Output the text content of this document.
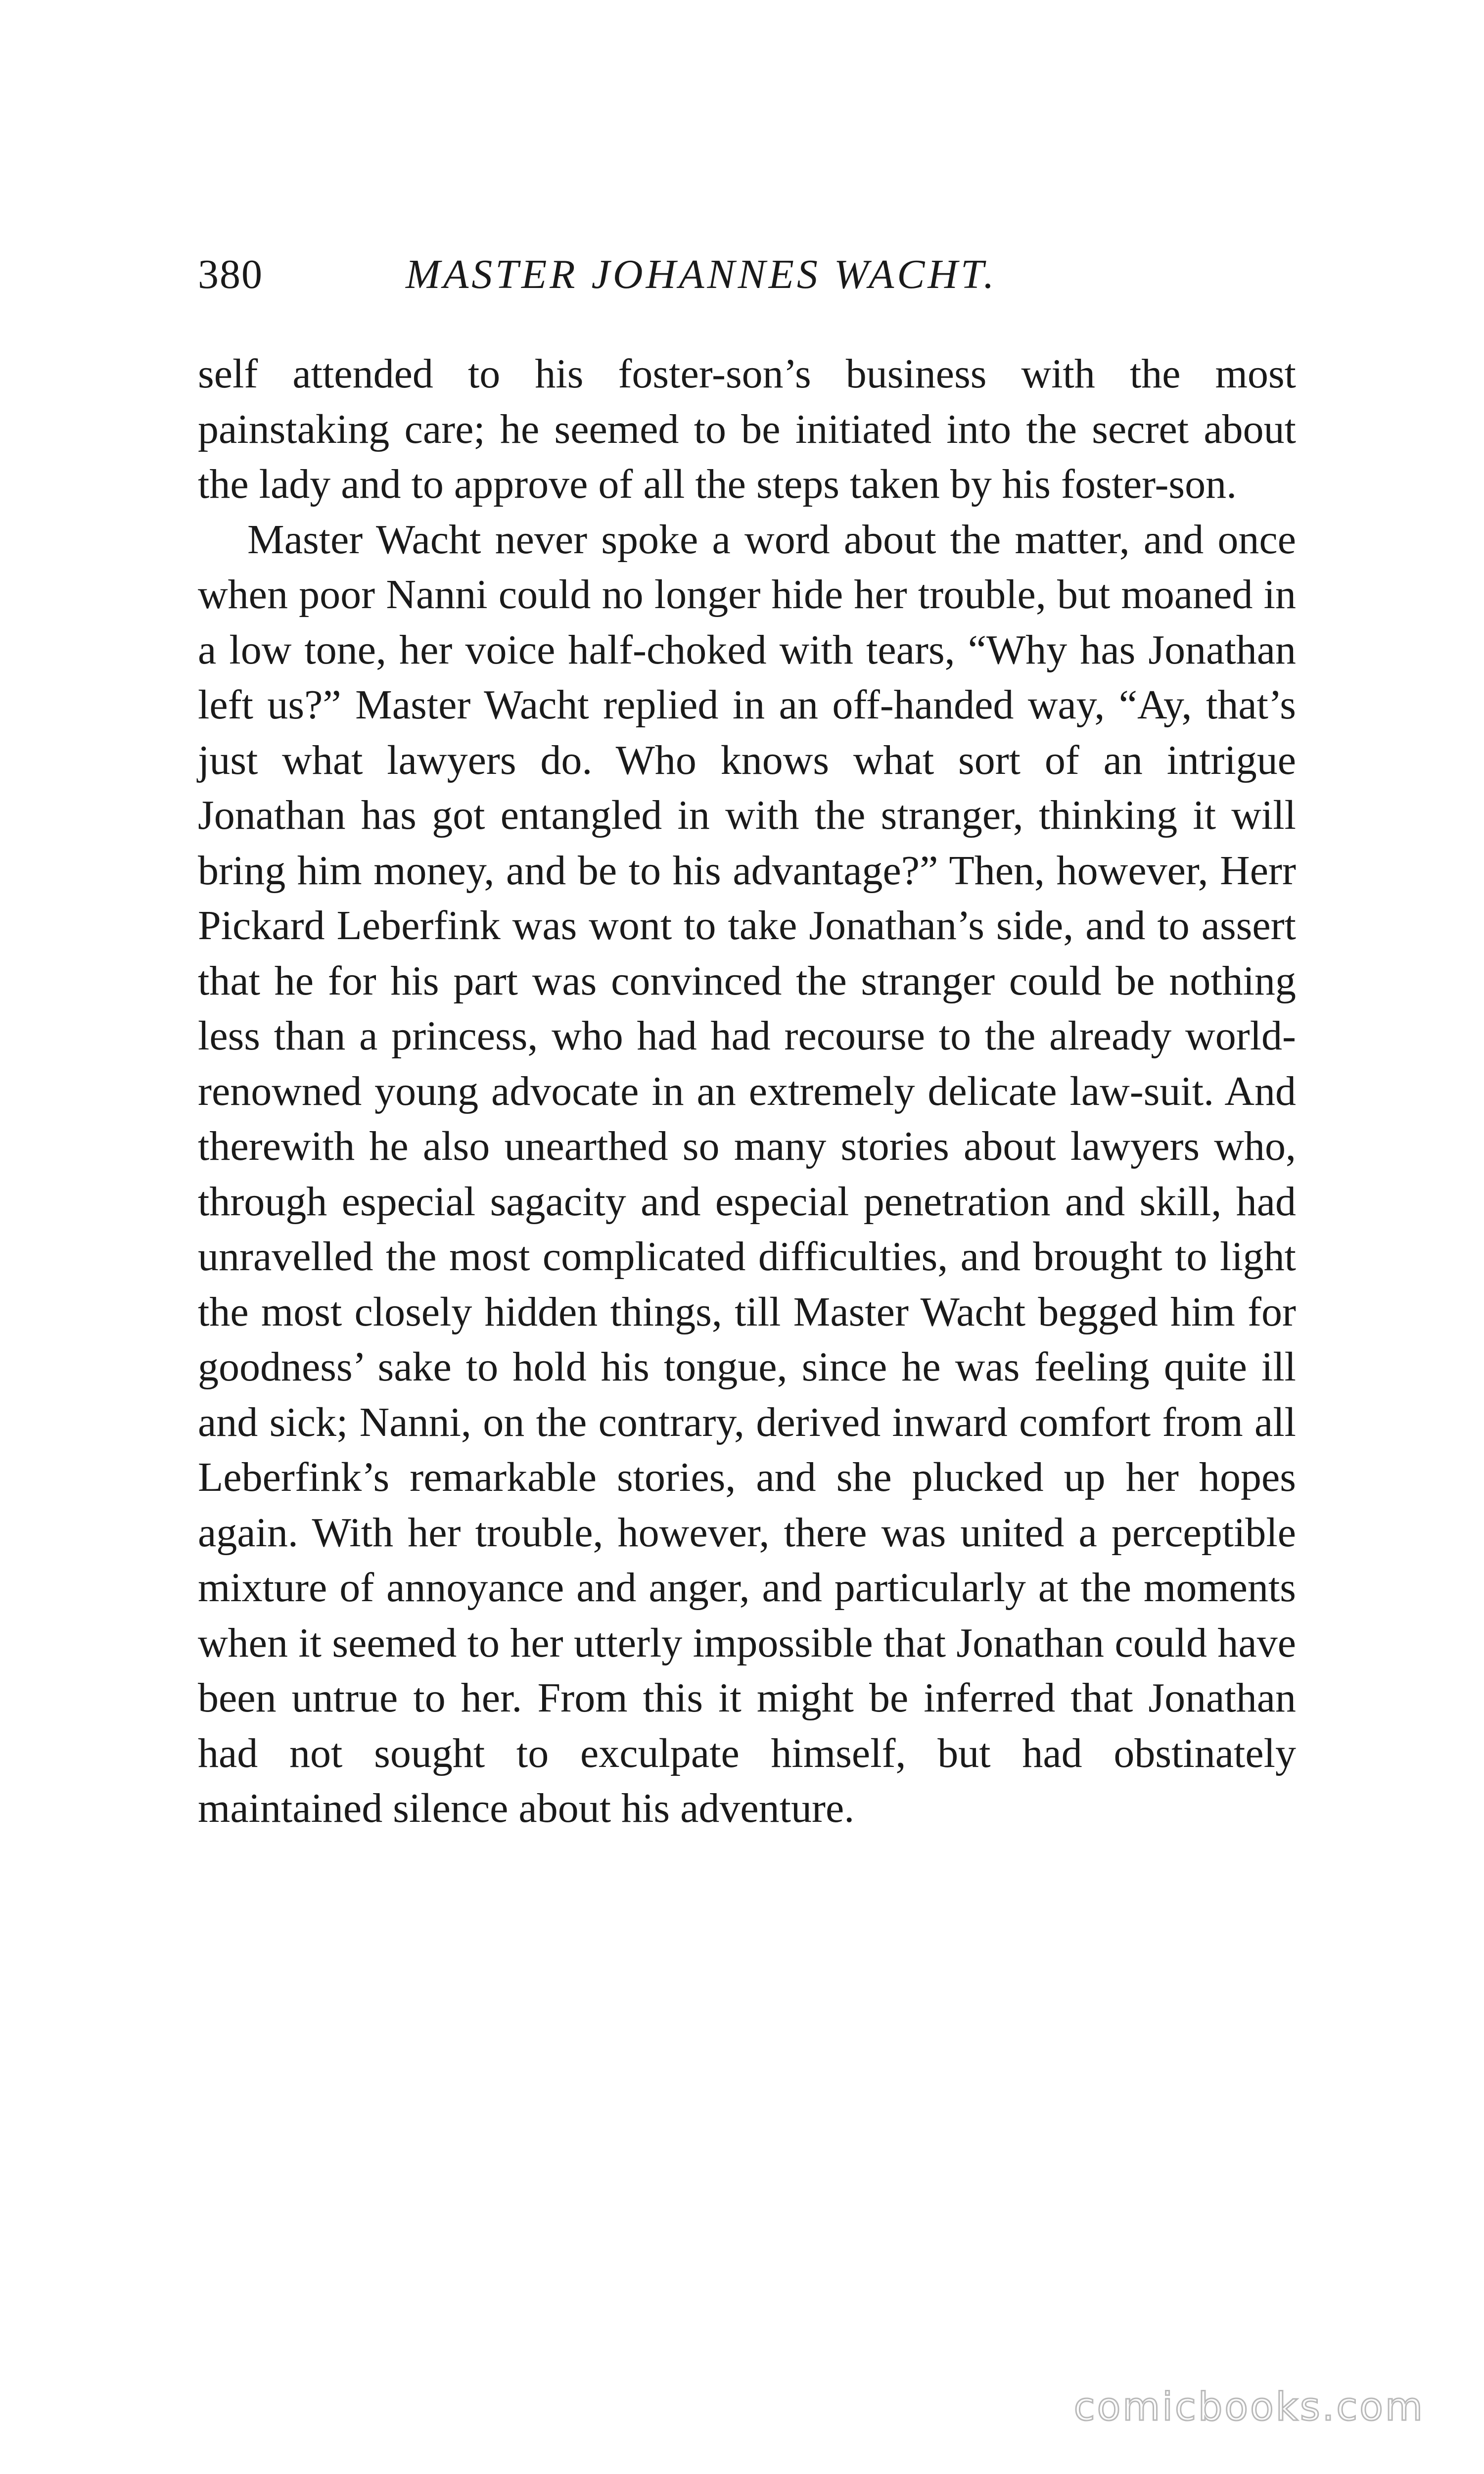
380	MASTER JOHANNES WACHT.

self attended to his foster-son’s business with the most painstaking care; he seemed to be initiated into the secret about the lady and to approve of all the steps taken by his foster-son.

Master Wacht never spoke a word about the matter, and once when poor Nanni could no longer hide her trouble, but moaned in a low tone, her voice half-choked with tears, “Why has Jonathan left us?” Master Wacht replied in an off-handed way, “Ay, that’s just what lawyers do. Who knows what sort of an intrigue Jonathan has got entangled in with the stranger, thinking it will bring him money, and be to his advantage?” Then, however, Herr Pickard Leberfink was wont to take Jonathan’s side, and to assert that he for his part was convinced the stranger could be nothing less than a princess, who had had recourse to the already world-renowned young advocate in an extremely delicate law-suit. And therewith he also unearthed so many stories about lawyers who, through especial sagacity and especial penetration and skill, had unravelled the most complicated difficulties, and brought to light the most closely hidden things, till Master Wacht begged him for goodness’ sake to hold his tongue, since he was feeling quite ill and sick; Nanni, on the contrary, derived inward comfort from all Leberfink’s remarkable stories, and she plucked up her hopes again. With her trouble, however, there was united a perceptible mixture of annoyance and anger, and particularly at the moments when it seemed to her utterly impossible that Jonathan could have been untrue to her. From this it might be inferred that Jonathan had not sought to exculpate himself, but had obstinately maintained silence about his adventure.

comicbooks.com
